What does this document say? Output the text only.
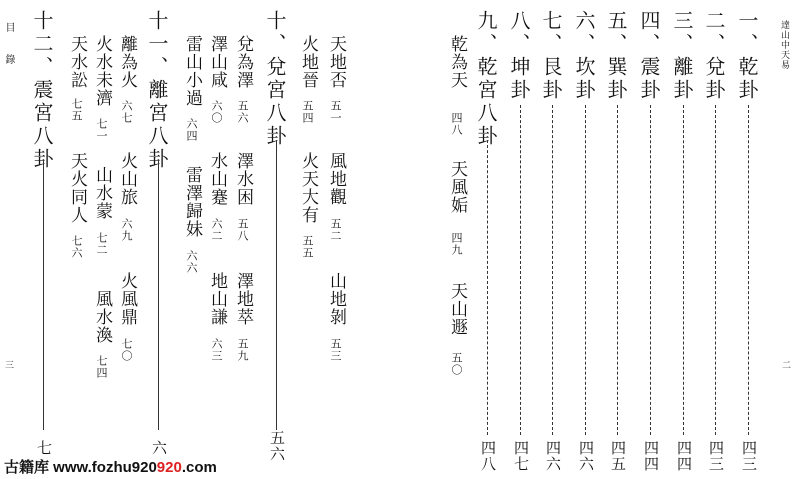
目　錄
三
十二、震宮八卦
七
天水訟
七五
天火同人
七六
火水未濟
七一
山水蒙
七二
風水渙
七四
離為火
六七
火山旅
六九
火風鼎
七〇
十一、離宮八卦
六
雷山小過
六四
雷澤歸妹
六六
澤山咸
六〇
水山蹇
六二
地山謙
六三
兌為澤
五六
澤水困
五八
澤地萃
五九
十、兌宮八卦
五六
火地晉
五四
火天大有
五五
天地否
五一
風地觀
五二
山地剝
五三
達山中天易
二
一、乾卦
四三
二、兌卦
四三
三、離卦
四四
四、震卦
四四
五、巽卦
四五
六、坎卦
四六
七、艮卦
四六
八、坤卦
四七
九、乾宮八卦
四八
乾為天
四八
天風姤
四九
天山遯
五〇
古籍库 www.fozhu920920.com
